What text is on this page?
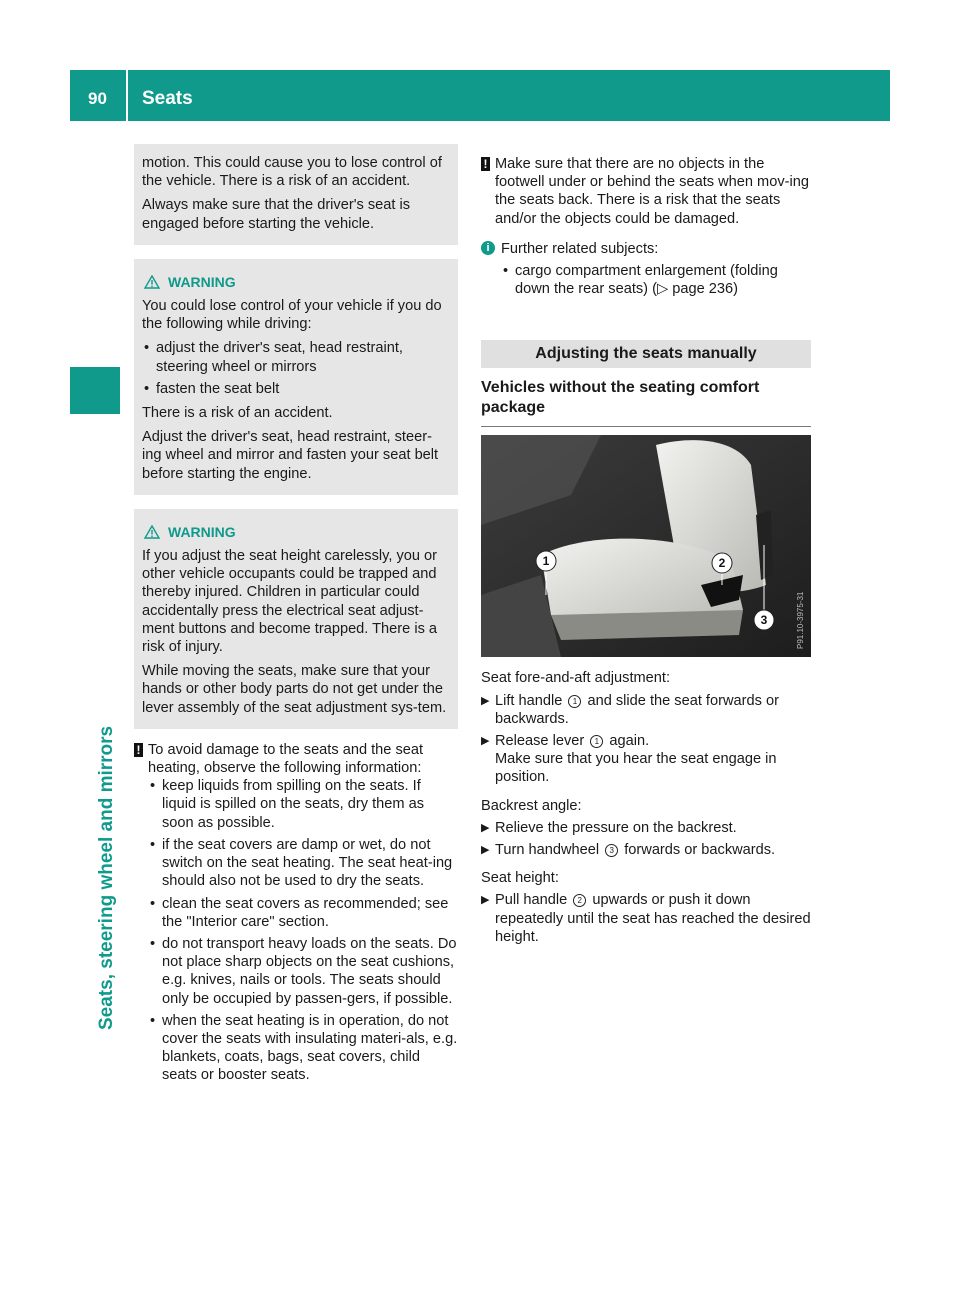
90 Seats
Seats, steering wheel and mirrors

motion. This could cause you to lose control of the vehicle. There is a risk of an accident.

Always make sure that the driver's seat is engaged before starting the vehicle.

WARNING

You could lose control of your vehicle if you do the following while driving:

• adjust the driver's seat, head restraint, steering wheel or mirrors
• fasten the seat belt

There is a risk of an accident.

Adjust the driver's seat, head restraint, steer-ing wheel and mirror and fasten your seat belt before starting the engine.

WARNING

If you adjust the seat height carelessly, you or other vehicle occupants could be trapped and thereby injured. Children in particular could accidentally press the electrical seat adjust-ment buttons and become trapped. There is a risk of injury.

While moving the seats, make sure that your hands or other body parts do not get under the lever assembly of the seat adjustment sys-tem.

! To avoid damage to the seats and the seat heating, observe the following information:
• keep liquids from spilling on the seats. If liquid is spilled on the seats, dry them as soon as possible.
• if the seat covers are damp or wet, do not switch on the seat heating. The seat heat-ing should also not be used to dry the seats.
• clean the seat covers as recommended; see the "Interior care" section.
• do not transport heavy loads on the seats. Do not place sharp objects on the seat cushions, e.g. knives, nails or tools. The seats should only be occupied by passen-gers, if possible.
• when the seat heating is in operation, do not cover the seats with insulating materi-als, e.g. blankets, coats, bags, seat covers, child seats or booster seats.
! Make sure that there are no objects in the footwell under or behind the seats when mov-ing the seats back. There is a risk that the seats and/or the objects could be damaged.
i Further related subjects:
• cargo compartment enlargement (folding down the rear seats) (▷ page 236)
Adjusting the seats manually
Vehicles without the seating comfort package
1	2
3	P91.10-3975-31
Seat fore-and-aft adjustment:
▶ Lift handle 1 and slide the seat forwards or backwards.
▶ Release lever 1 again.
Make sure that you hear the seat engage in position.
Backrest angle:
▶ Relieve the pressure on the backrest.
▶ Turn handwheel 3 forwards or backwards.
Seat height:
▶ Pull handle 2 upwards or push it down repeatedly until the seat has reached the desired height.
